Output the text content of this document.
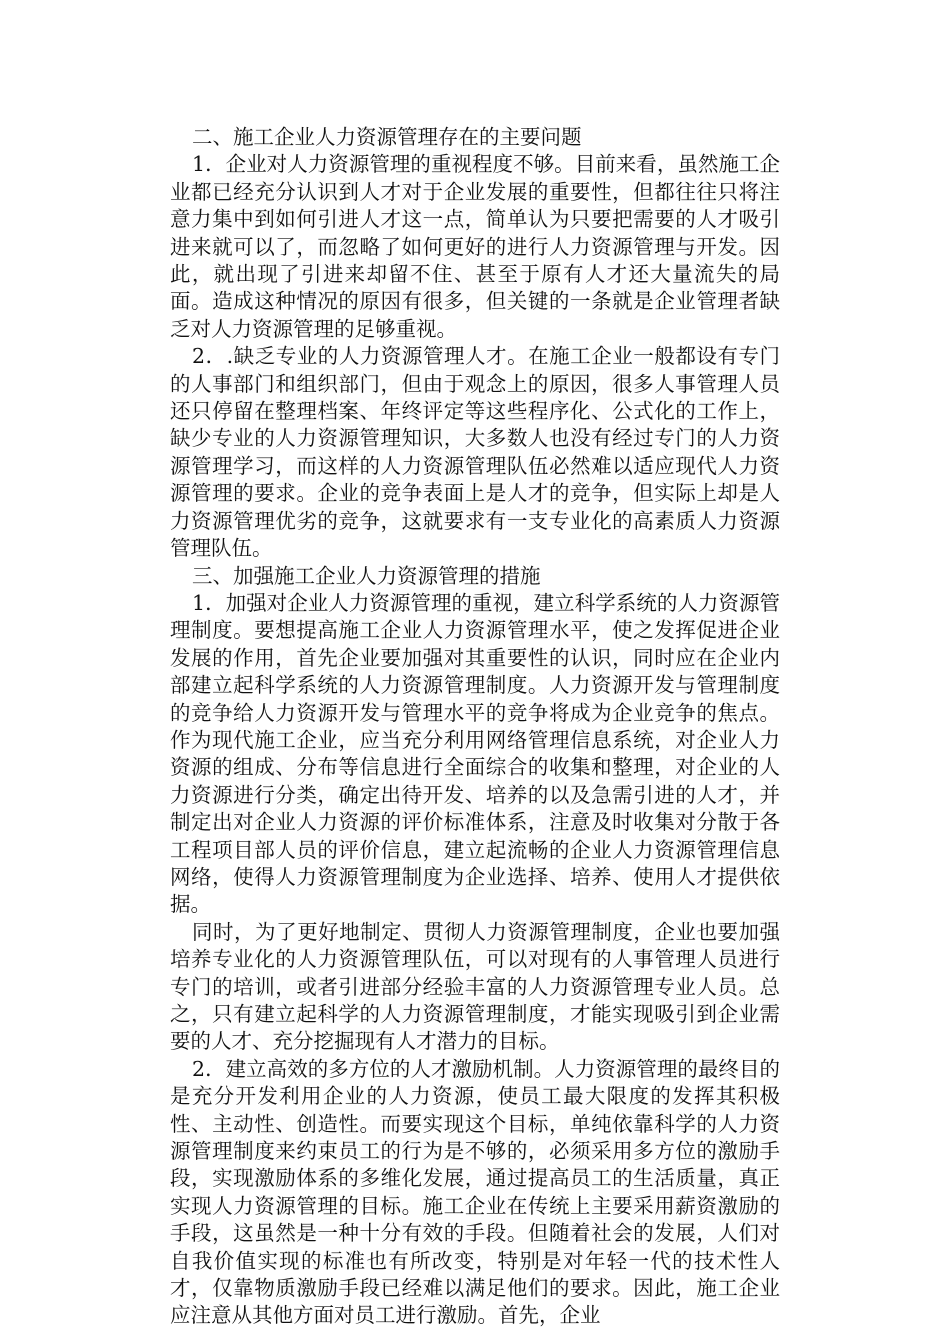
二、施工企业人力资源管理存在的主要问题

1．企业对人力资源管理的重视程度不够。目前来看，虽然施工企业都已经充分认识到人才对于企业发展的重要性，但都往往只将注意力集中到如何引进人才这一点，简单认为只要把需要的人才吸引进来就可以了，而忽略了如何更好的进行人力资源管理与开发。因此，就出现了引进来却留不住、甚至于原有人才还大量流失的局面。造成这种情况的原因有很多，但关键的一条就是企业管理者缺乏对人力资源管理的足够重视。

2．.缺乏专业的人力资源管理人才。在施工企业一般都设有专门的人事部门和组织部门，但由于观念上的原因，很多人事管理人员还只停留在整理档案、年终评定等这些程序化、公式化的工作上，缺少专业的人力资源管理知识，大多数人也没有经过专门的人力资源管理学习，而这样的人力资源管理队伍必然难以适应现代人力资源管理的要求。企业的竞争表面上是人才的竞争，但实际上却是人力资源管理优劣的竞争，这就要求有一支专业化的高素质人力资源管理队伍。

三、加强施工企业人力资源管理的措施

1．加强对企业人力资源管理的重视，建立科学系统的人力资源管理制度。要想提高施工企业人力资源管理水平，使之发挥促进企业发展的作用，首先企业要加强对其重要性的认识，同时应在企业内部建立起科学系统的人力资源管理制度。人力资源开发与管理制度的竞争给人力资源开发与管理水平的竞争将成为企业竞争的焦点。作为现代施工企业，应当充分利用网络管理信息系统，对企业人力资源的组成、分布等信息进行全面综合的收集和整理，对企业的人力资源进行分类，确定出待开发、培养的以及急需引进的人才，并制定出对企业人力资源的评价标准体系，注意及时收集对分散于各工程项目部人员的评价信息，建立起流畅的企业人力资源管理信息网络，使得人力资源管理制度为企业选择、培养、使用人才提供依据。

同时，为了更好地制定、贯彻人力资源管理制度，企业也要加强培养专业化的人力资源管理队伍，可以对现有的人事管理人员进行专门的培训，或者引进部分经验丰富的人力资源管理专业人员。总之，只有建立起科学的人力资源管理制度，才能实现吸引到企业需要的人才、充分挖掘现有人才潜力的目标。

2．建立高效的多方位的人才激励机制。人力资源管理的最终目的是充分开发利用企业的人力资源，使员工最大限度的发挥其积极性、主动性、创造性。而要实现这个目标，单纯依靠科学的人力资源管理制度来约束员工的行为是不够的，必须采用多方位的激励手段，实现激励体系的多维化发展，通过提高员工的生活质量，真正实现人力资源管理的目标。施工企业在传统上主要采用薪资激励的手段，这虽然是一种十分有效的手段。但随着社会的发展，人们对自我价值实现的标准也有所改变，特别是对年轻一代的技术性人才，仅靠物质激励手段已经难以满足他们的要求。因此，施工企业应注意从其他方面对员工进行激励。首先，企业
